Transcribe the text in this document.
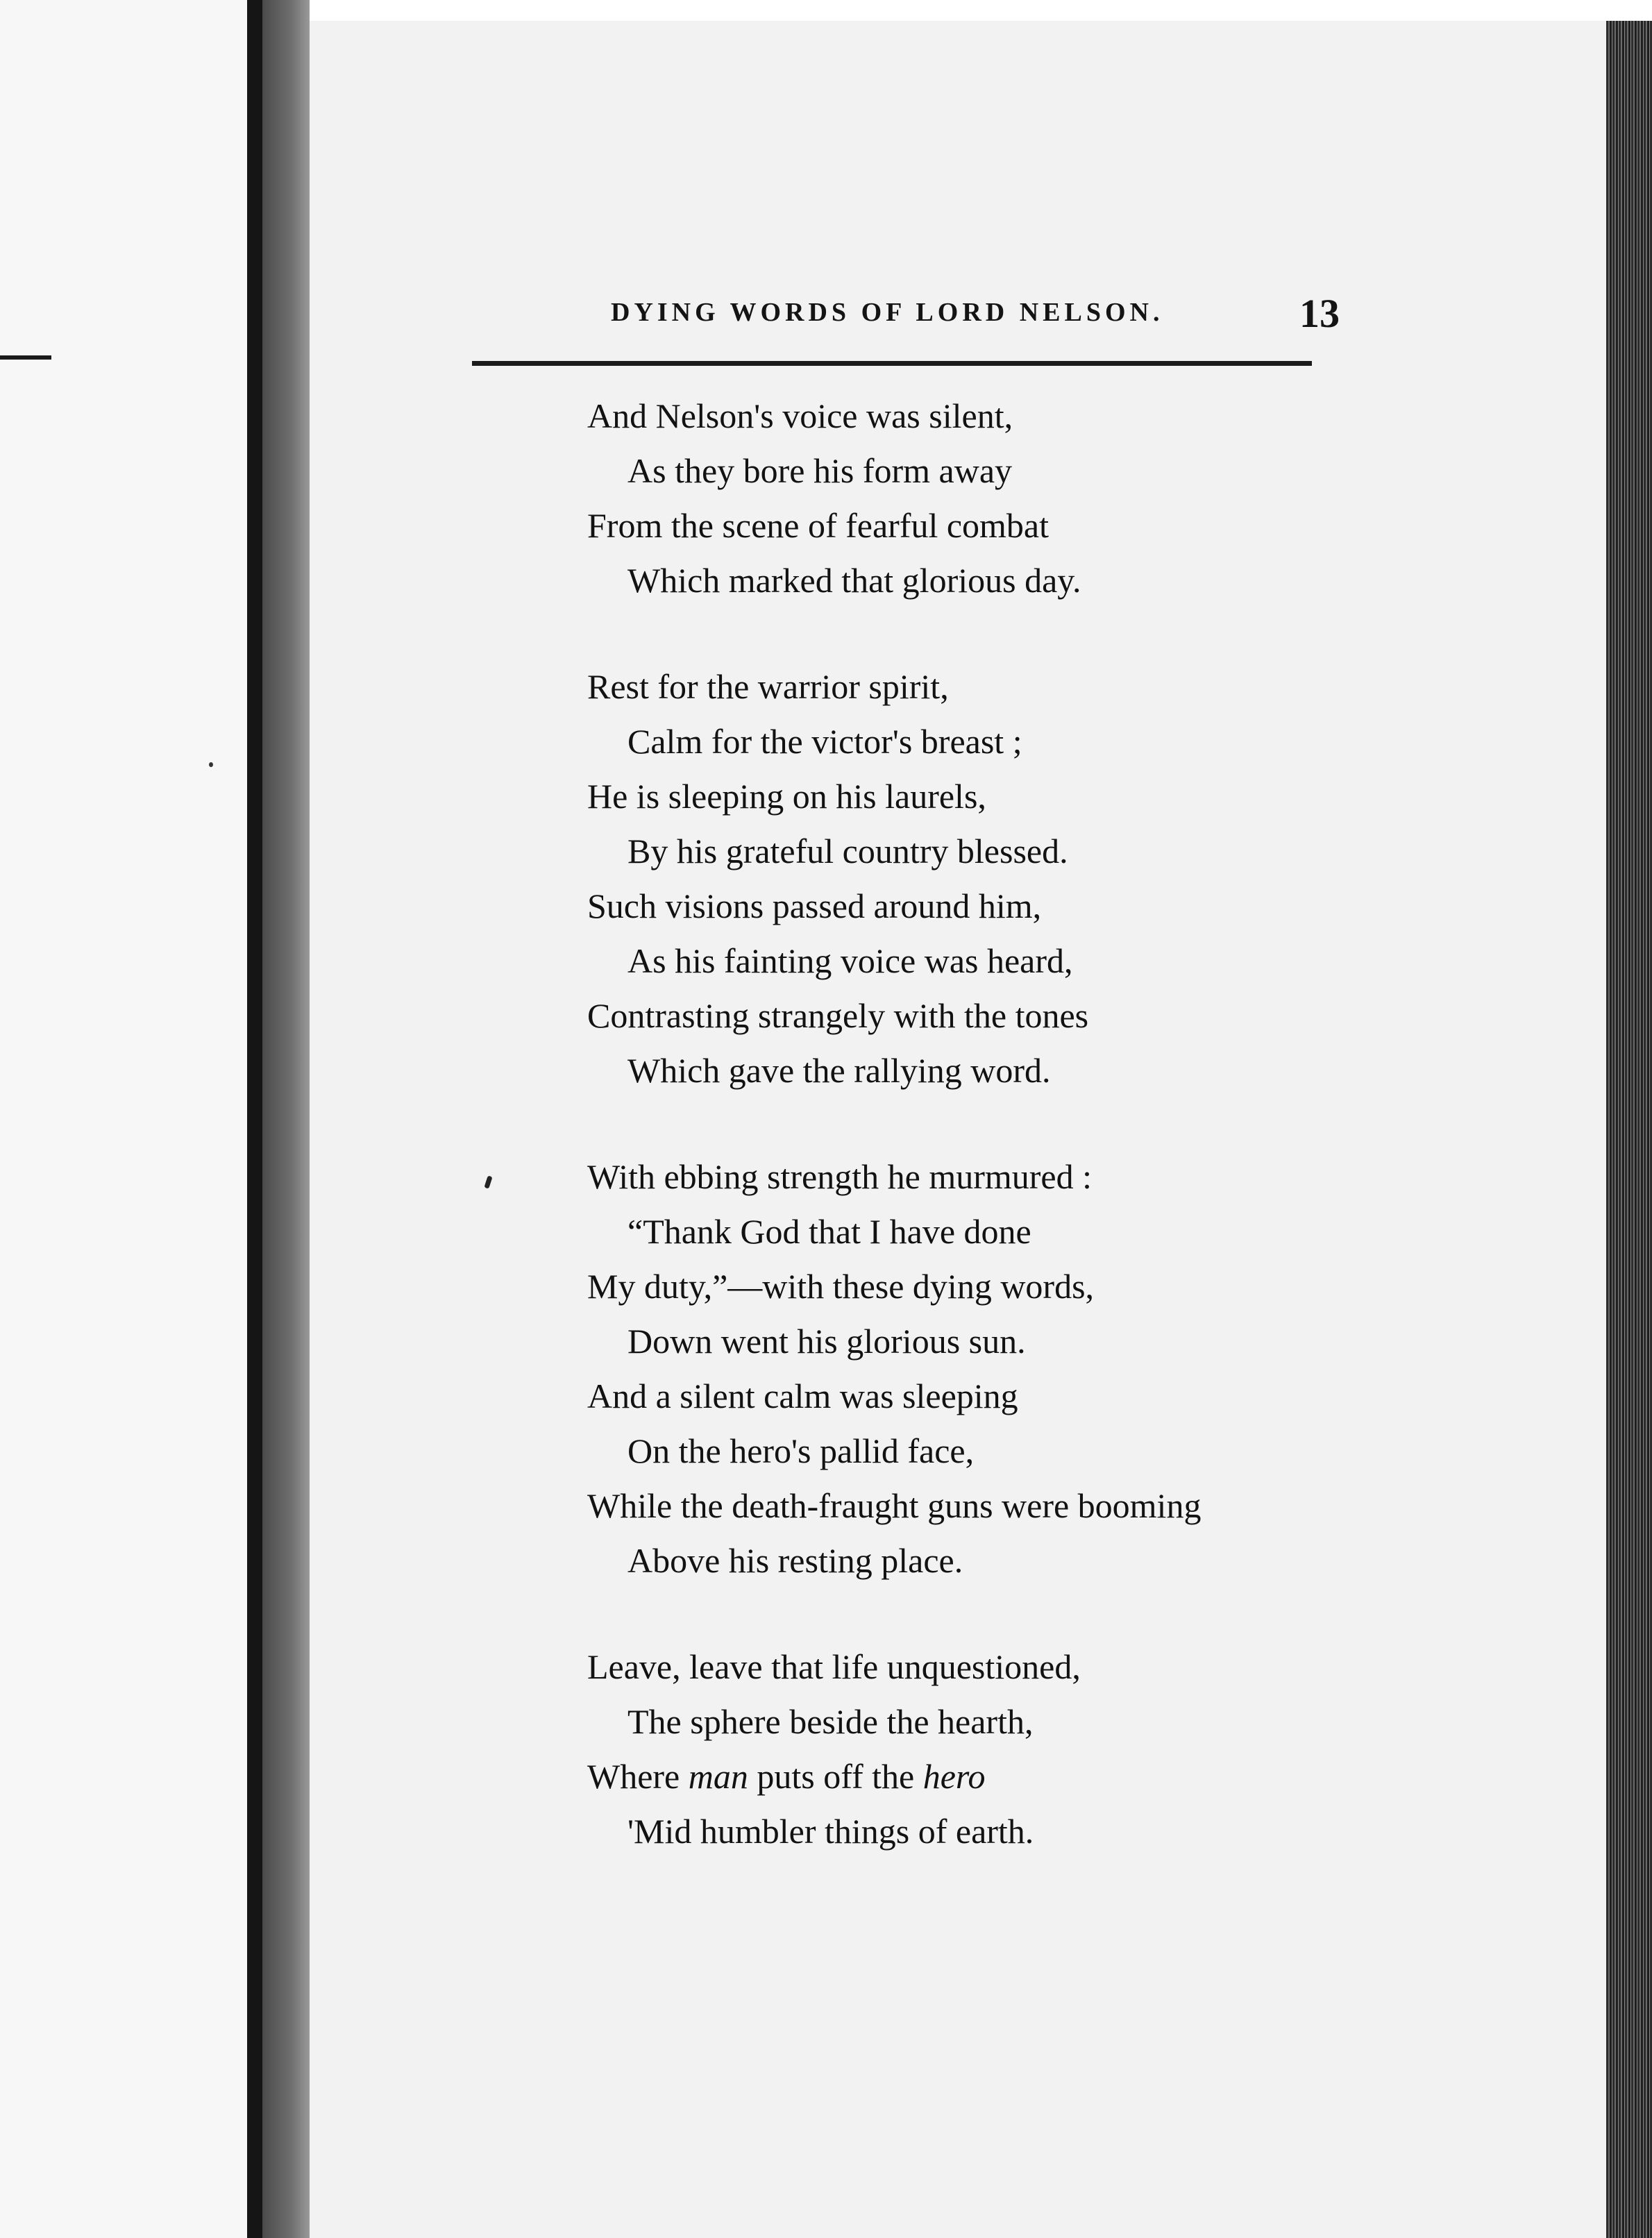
DYING WORDS OF LORD NELSON.	13
And Nelson's voice was silent,
As they bore his form away
From the scene of fearful combat
Which marked that glorious day.
Rest for the warrior spirit,
Calm for the victor's breast ;
He is sleeping on his laurels,
By his grateful country blessed.
Such visions passed around him,
As his fainting voice was heard,
Contrasting strangely with the tones
Which gave the rallying word.
With ebbing strength he murmured :
“Thank God that I have done
My duty,”—with these dying words,
Down went his glorious sun.
And a silent calm was sleeping
On the hero's pallid face,
While the death-fraught guns were booming
Above his resting place.
Leave, leave that life unquestioned,
The sphere beside the hearth,
Where man puts off the hero
'Mid humbler things of earth.
